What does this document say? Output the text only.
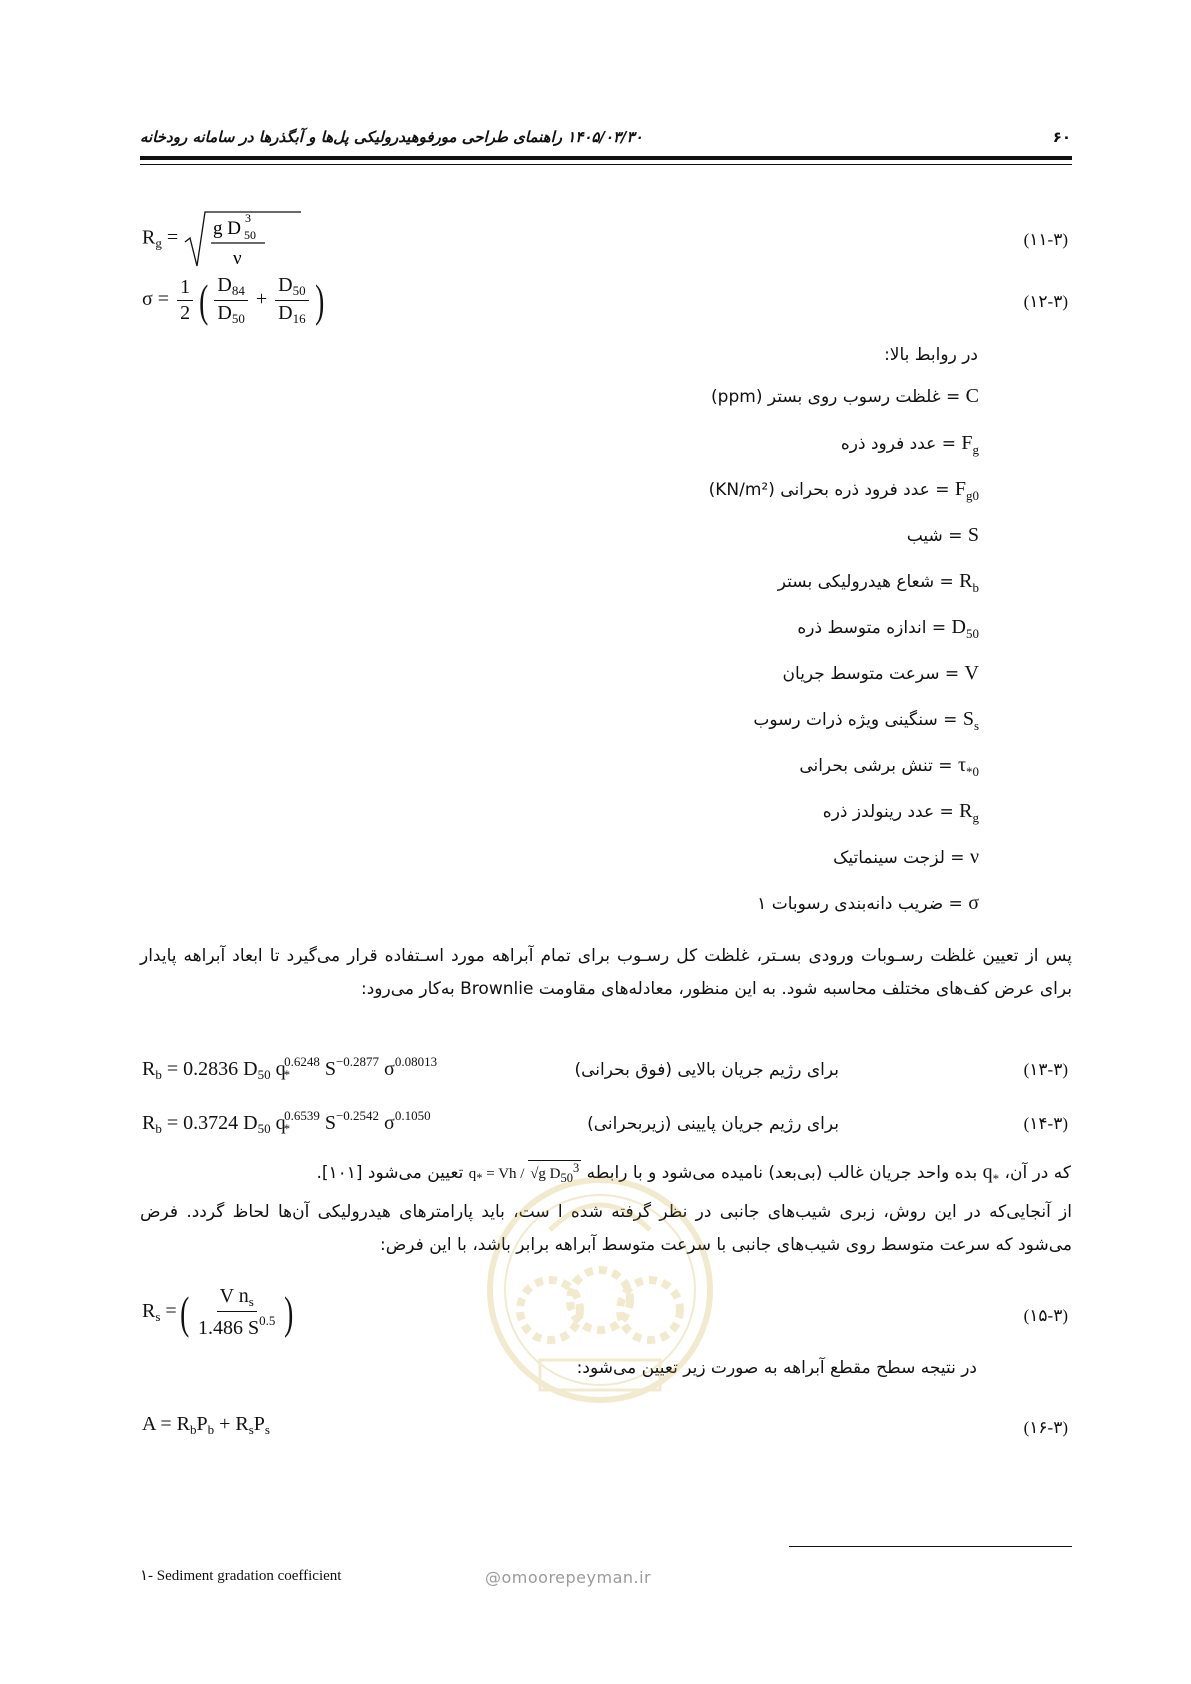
۱۴۰۵/۰۳/۳۰ راهنمای طراحی مورفوهیدرولیکی پل‌ها و آبگذرها در سامانه رودخانه	۶۰
$R_g = g$ D 50
3
ν
(۱۱-۳)
$\sigma = \frac{1}{2}$ ( $\frac{D_{84}}{D_{50}} + \frac{D_{50}}{D_{16}}$ )	(۱۲-۳)
در روابط بالا:
C = غلظت رسوب روی بستر (ppm)
$F_g$ = عدد فرود ذره
$F_{g0}$ = عدد فرود ذره بحرانی (KN/m²)
S = شیب
$R_b$ = شعاع هیدرولیکی بستر
$D_{50}$ = اندازه متوسط ذره
V = سرعت متوسط جریان
$S_s$ = سنگینی ویژه ذرات رسوب
$\tau_{*0}$ = تنش برشی بحرانی
$R_g$ = عدد رینولدز ذره
ν = لزجت سینماتیک
σ = ضریب دانه‌بندی رسوبات ۱
پس از تعیین غلظت رسـوبات ورودی بسـتر، غلظت کل رسـوب برای تمام آبراهه مورد اسـتفاده قرار می‌گیرد تا ابعاد آبراهه پایدار برای عرض کف‌های مختلف محاسبه شود. به این منظور، معادله‌های مقاومت Brownlie به‌کار می‌رود:
$R_b = 0.2836$ $D_{50}$ $q_*^{0.6248}$ $S^{-0.2877}$ $\sigma^{0.08013}$	برای رژیم جریان بالایی (فوق بحرانی)	(۱۳-۳)
$R_b = 0.3724$ $D_{50}$ $q_*^{0.6539}$ $S^{-0.2542}$ $\sigma^{0.1050}$	برای رژیم جریان پایینی (زیربحرانی)	(۱۴-۳)
که در آن، $q_*$ بده واحد جریان غالب (بی‌بعد) نامیده می‌شود و با رابطه $q_* = Vh / √g$ $D_{50}^3$ تعیین می‌شود [۱۰۱].
از آنجایی‌که در این روش، زبری شیب‌های جانبی در نظر گرفته شده ا ست، باید پارامترهای هیدرولیکی آن‌ها لحاظ گردد. فرض می‌شود که سرعت متوسط روی شیب‌های جانبی با سرعت متوسط آبراهه برابر باشد، با این فرض:
$R_s$ =( $\frac{V n_s}{1.486 S^{0.5}}$ )	(۱۵-۳)
در نتیجه سطح مقطع آبراهه به صورت زیر تعیین می‌شود:
$A = R_bP_b + R_sP_s$	(۱۶-۳)
@omoorepeyman.ir
۱- Sediment gradation coefficient
